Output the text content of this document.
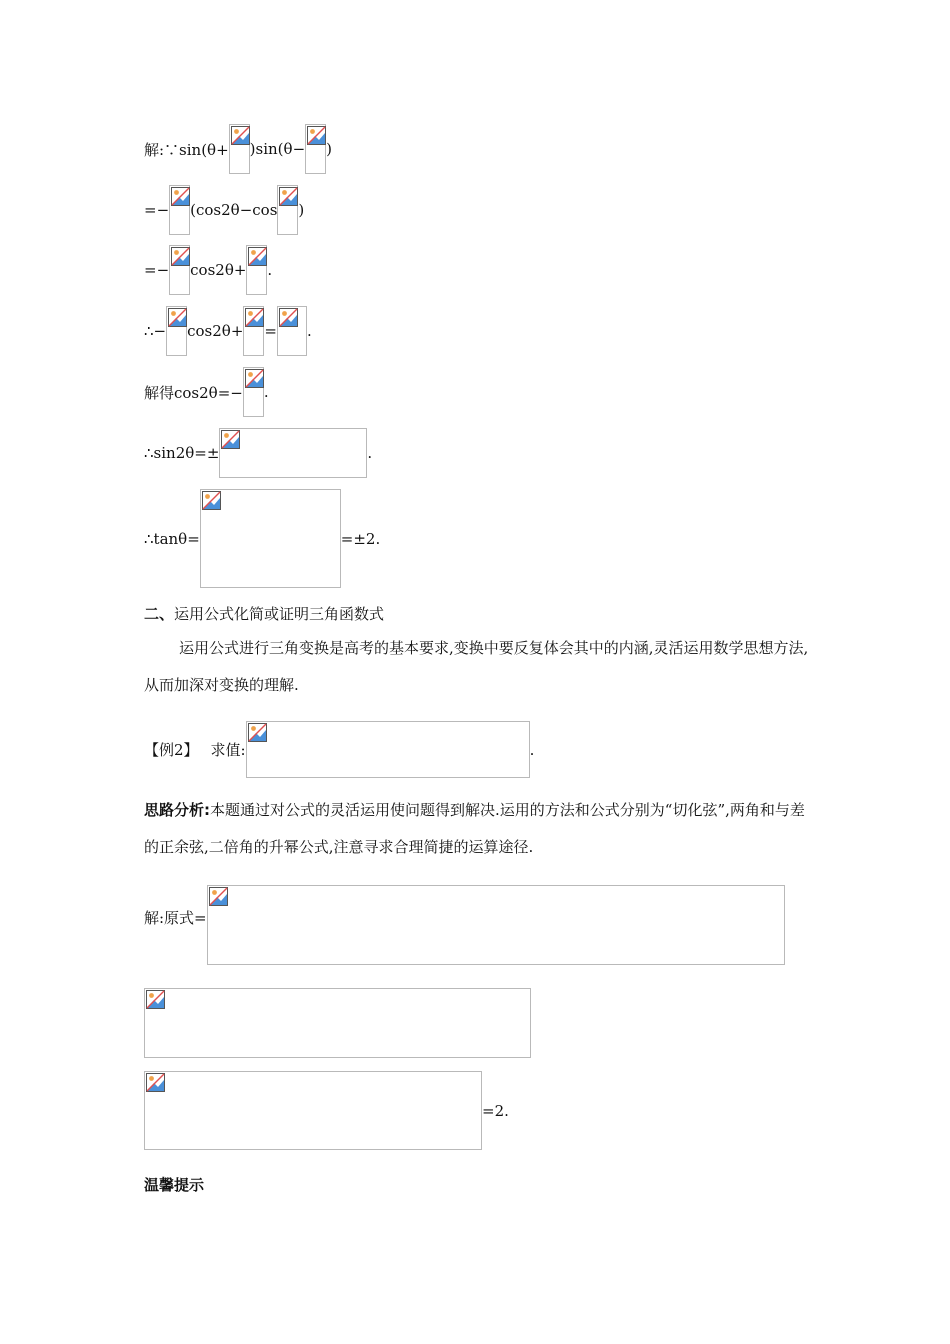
解:∵sin(θ+ )sin(θ− )
=− (cos2θ−cos )
=− cos2θ+ .
∴− cos2θ+ = .
解得cos2θ=− .
∴sin2θ=±	.
∴tanθ=	=±2.
二、运用公式化简或证明三角函数式
运用公式进行三角变换是高考的基本要求,变换中要反复体会其中的内涵,灵活运用数学思想方法,从而加深对变换的理解.
【例2】 求值:	.
思路分析:本题通过对公式的灵活运用使问题得到解决.运用的方法和公式分别为“切化弦”,两角和与差的正余弦,二倍角的升幂公式,注意寻求合理简捷的运算途径.
解:原式=
=2.
温馨提示
